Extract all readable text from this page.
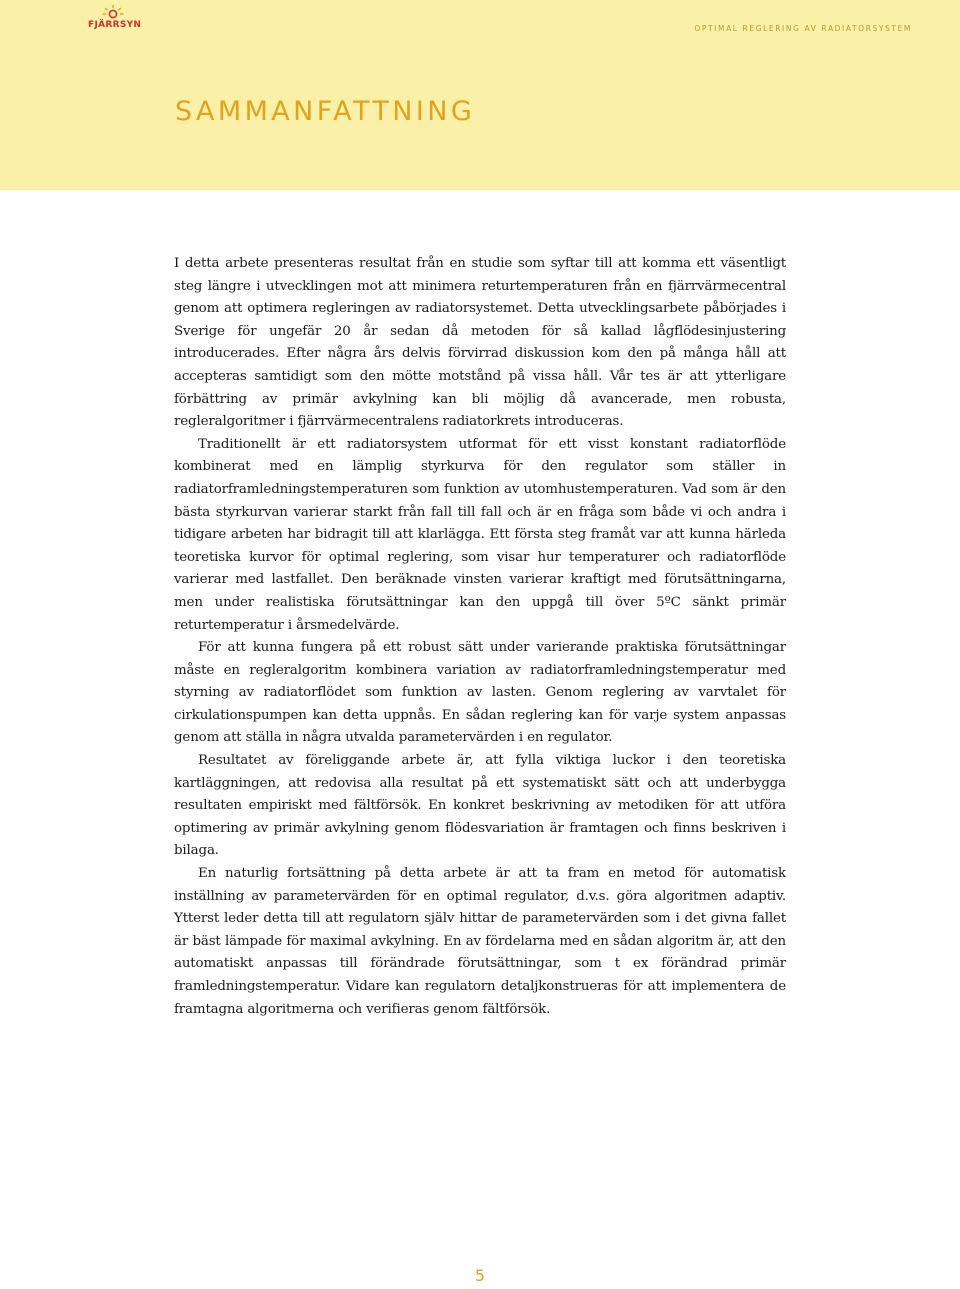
FJÄRRSYN	OPTIMAL REGLERING AV RADIATORSYSTEM
SAMMANFATTNING

I detta arbete presenteras resultat från en studie som syftar till att komma ett väsentligt steg längre i utvecklingen mot att minimera returtemperaturen från en fjärrvärmecentral genom att optimera regleringen av radiatorsystemet. Detta utvecklingsarbete påbörjades i Sverige för ungefär 20 år sedan då metoden för så kallad lågflödesinjustering introducerades. Efter några års delvis förvirrad diskussion kom den på många håll att accepteras samtidigt som den mötte motstånd på vissa håll. Vår tes är att ytterligare förbättring av primär avkylning kan bli möjlig då avancerade, men robusta, regleralgoritmer i fjärrvärmecentralens radiatorkrets introduceras.

Traditionellt är ett radiatorsystem utformat för ett visst konstant radiatorflöde kombinerat med en lämplig styrkurva för den regulator som ställer in radiatorframledningstemperaturen som funktion av utomhustemperaturen. Vad som är den bästa styrkurvan varierar starkt från fall till fall och är en fråga som både vi och andra i tidigare arbeten har bidragit till att klarlägga. Ett första steg framåt var att kunna härleda teoretiska kurvor för optimal reglering, som visar hur temperaturer och radiatorflöde varierar med lastfallet. Den beräknade vinsten varierar kraftigt med förutsättningarna, men under realistiska förutsättningar kan den uppgå till över 5ºC sänkt primär returtemperatur i årsmedelvärde.

För att kunna fungera på ett robust sätt under varierande praktiska förutsättningar måste en regleralgoritm kombinera variation av radiatorframledningstemperatur med styrning av radiatorflödet som funktion av lasten. Genom reglering av varvtalet för cirkulationspumpen kan detta uppnås. En sådan reglering kan för varje system anpassas genom att ställa in några utvalda parametervärden i en regulator.

Resultatet av föreliggande arbete är, att fylla viktiga luckor i den teoretiska kartläggningen, att redovisa alla resultat på ett systematiskt sätt och att underbygga resultaten empiriskt med fältförsök. En konkret beskrivning av metodiken för att utföra optimering av primär avkylning genom flödesvariation är framtagen och finns beskriven i bilaga.

En naturlig fortsättning på detta arbete är att ta fram en metod för automatisk inställning av parametervärden för en optimal regulator, d.v.s. göra algoritmen adaptiv. Ytterst leder detta till att regulatorn själv hittar de parametervärden som i det givna fallet är bäst lämpade för maximal avkylning. En av fördelarna med en sådan algoritm är, att den automatiskt anpassas till förändrade förutsättningar, som t ex förändrad primär framledningstemperatur. Vidare kan regulatorn detaljkonstrueras för att implementera de framtagna algoritmerna och verifieras genom fältförsök.

5
